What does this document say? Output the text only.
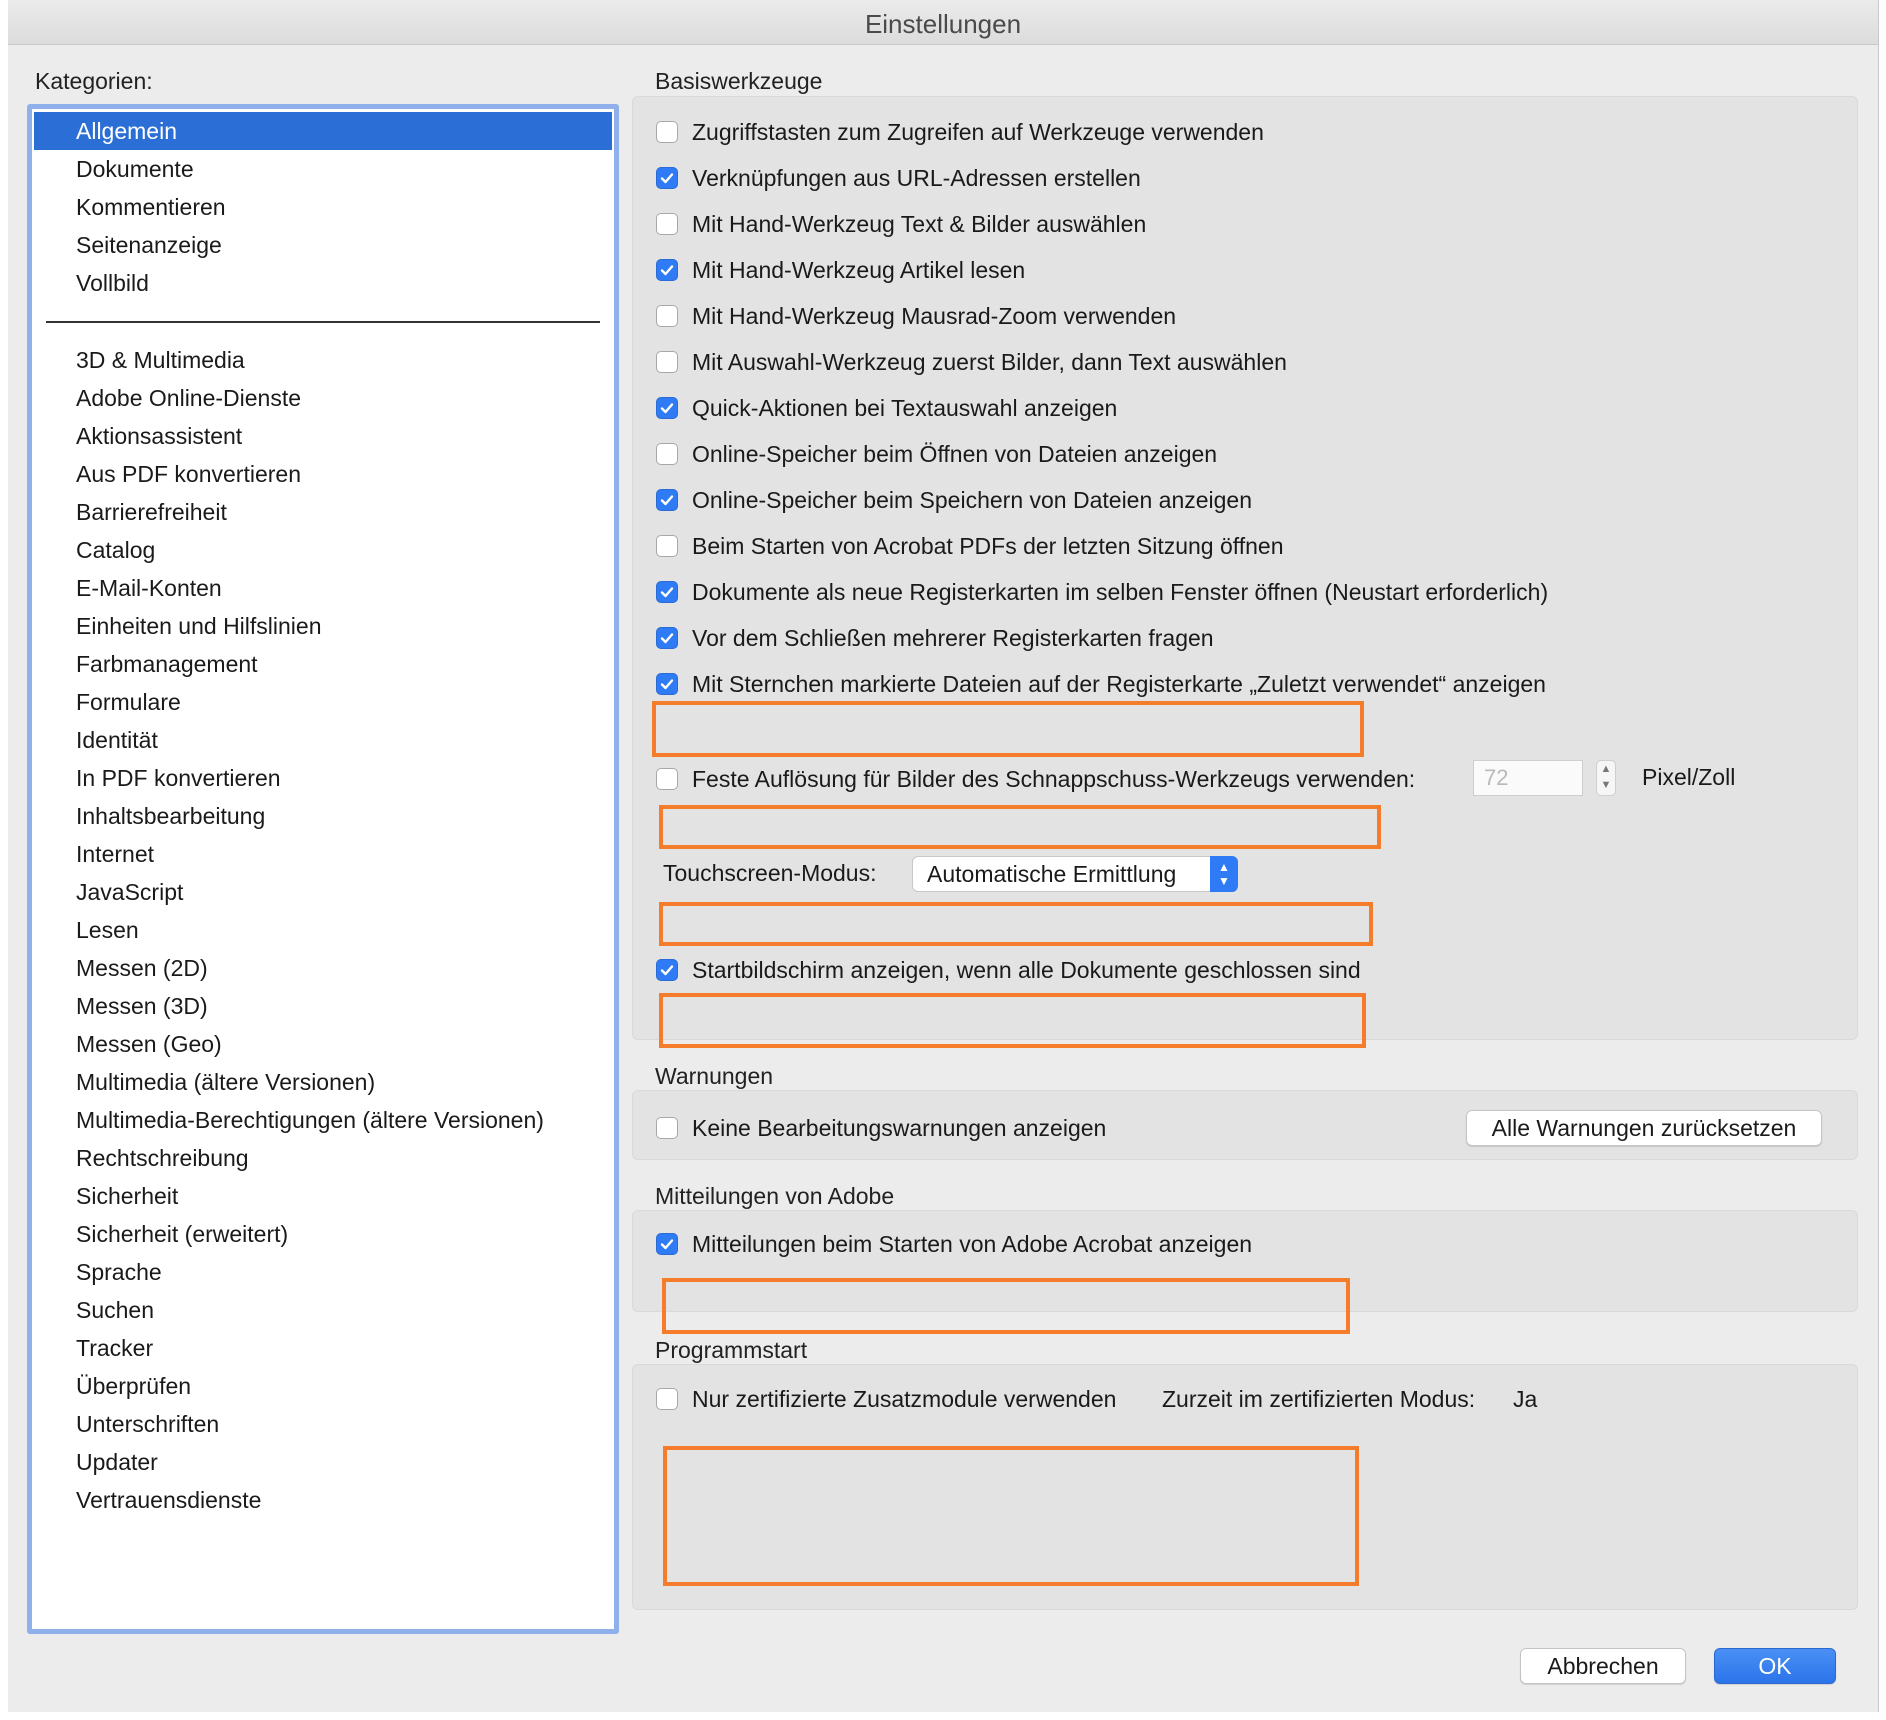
Einstellungen
Kategorien:
Allgemein
Dokumente
Kommentieren
Seitenanzeige
Vollbild
3D & Multimedia
Adobe Online-Dienste
Aktionsassistent
Aus PDF konvertieren
Barrierefreiheit
Catalog
E-Mail-Konten
Einheiten und Hilfslinien
Farbmanagement
Formulare
Identität
In PDF konvertieren
Inhaltsbearbeitung
Internet
JavaScript
Lesen
Messen (2D)
Messen (3D)
Messen (Geo)
Multimedia (ältere Versionen)
Multimedia-Berechtigungen (ältere Versionen)
Rechtschreibung
Sicherheit
Sicherheit (erweitert)
Sprache
Suchen
Tracker
Überprüfen
Unterschriften
Updater
Vertrauensdienste
Basiswerkzeuge
Feste Auflösung für Bilder des Schnappschuss-Werkzeugs verwenden:	72	▲
▼ Pixel/Zoll
Touchscreen-Modus:	Automatische Ermittlung	▲
▼
Startbildschirm anzeigen, wenn alle Dokumente geschlossen sind
Warnungen
Keine Bearbeitungswarnungen anzeigen	Alle Warnungen zurücksetzen
Mitteilungen von Adobe
Mitteilungen beim Starten von Adobe Acrobat anzeigen
Programmstart
Nur zertifizierte Zusatzmodule verwenden Zurzeit im zertifizierten Modus: Ja
Abbrechen	OK
Zugriffstasten zum Zugreifen auf Werkzeuge verwenden
Verknüpfungen aus URL-Adressen erstellen
Mit Hand-Werkzeug Text & Bilder auswählen
Mit Hand-Werkzeug Artikel lesen
Mit Hand-Werkzeug Mausrad-Zoom verwenden
Mit Auswahl-Werkzeug zuerst Bilder, dann Text auswählen
Quick-Aktionen bei Textauswahl anzeigen
Online-Speicher beim Öffnen von Dateien anzeigen
Online-Speicher beim Speichern von Dateien anzeigen
Beim Starten von Acrobat PDFs der letzten Sitzung öffnen
Dokumente als neue Registerkarten im selben Fenster öffnen (Neustart erforderlich)
Vor dem Schließen mehrerer Registerkarten fragen
Mit Sternchen markierte Dateien auf der Registerkarte „Zuletzt verwendet“ anzeigen
